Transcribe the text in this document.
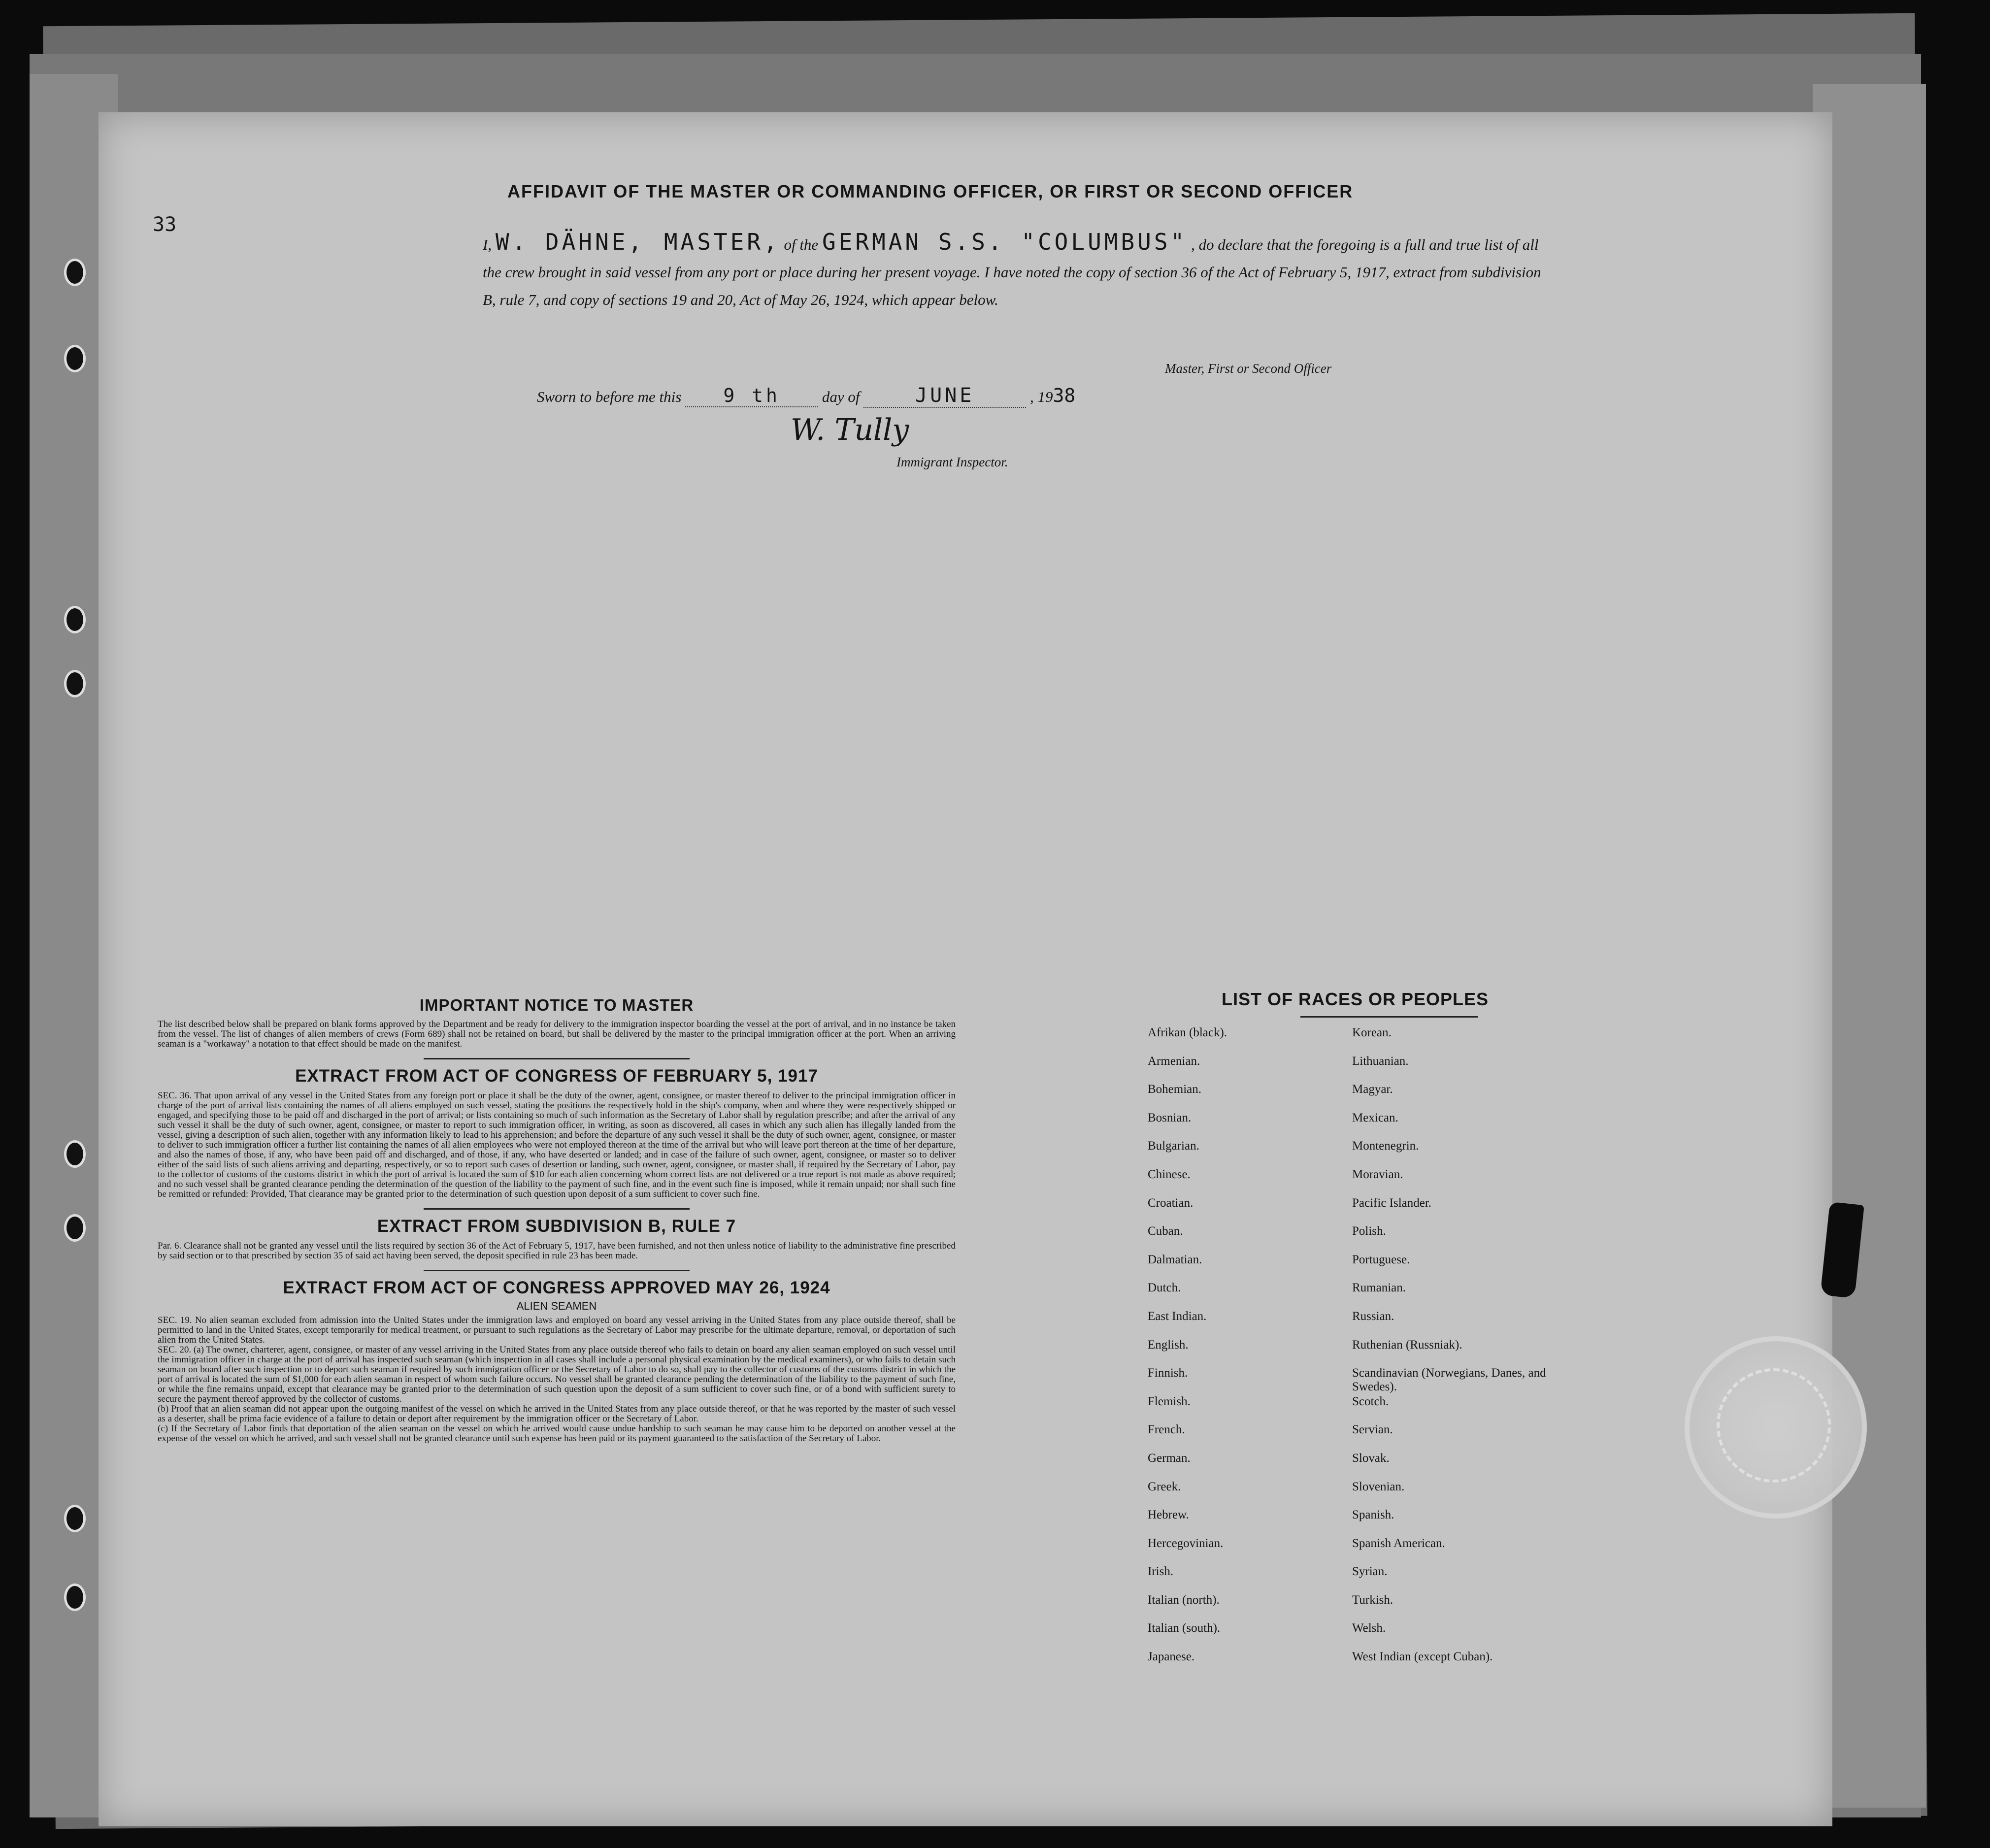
33
AFFIDAVIT OF THE MASTER OR COMMANDING OFFICER, OR FIRST OR SECOND OFFICER
I, W. DÄHNE, MASTER, of the GERMAN S.S. "COLUMBUS" , do declare that the foregoing is a full and true list of all the crew brought in said vessel from any port or place during her present voyage. I have noted the copy of section 36 of the Act of February 5, 1917, extract from subdivision B, rule 7, and copy of sections 19 and 20, Act of May 26, 1924, which appear below.
Master, First or Second Officer
Sworn to before me this 9 th	day of	JUNE	, 1938
W. Tully
Immigrant Inspector.
IMPORTANT NOTICE TO MASTER
The list described below shall be prepared on blank forms approved by the Department and be ready for delivery to the immigration inspector boarding the vessel at the port of arrival, and in no instance be taken from the vessel. The list of changes of alien members of crews (Form 689) shall not be retained on board, but shall be delivered by the master to the principal immigration officer at the port. When an arriving seaman is a "workaway" a notation to that effect should be made on the manifest.
EXTRACT FROM ACT OF CONGRESS OF FEBRUARY 5, 1917
SEC. 36. That upon arrival of any vessel in the United States from any foreign port or place it shall be the duty of the owner, agent, consignee, or master thereof to deliver to the principal immigration officer in charge of the port of arrival lists containing the names of all aliens employed on such vessel, stating the positions the respectively hold in the ship's company, when and where they were respectively shipped or engaged, and specifying those to be paid off and discharged in the port of arrival; or lists containing so much of such information as the Secretary of Labor shall by regulation prescribe; and after the arrival of any such vessel it shall be the duty of such owner, agent, consignee, or master to report to such immigration officer, in writing, as soon as discovered, all cases in which any such alien has illegally landed from the vessel, giving a description of such alien, together with any information likely to lead to his apprehension; and before the departure of any such vessel it shall be the duty of such owner, agent, consignee, or master to deliver to such immigration officer a further list containing the names of all alien employees who were not employed thereon at the time of the arrival but who will leave port thereon at the time of her departure, and also the names of those, if any, who have been paid off and discharged, and of those, if any, who have deserted or landed; and in case of the failure of such owner, agent, consignee, or master so to deliver either of the said lists of such aliens arriving and departing, respectively, or so to report such cases of desertion or landing, such owner, agent, consignee, or master shall, if required by the Secretary of Labor, pay to the collector of customs of the customs district in which the port of arrival is located the sum of $10 for each alien concerning whom correct lists are not delivered or a true report is not made as above required; and no such vessel shall be granted clearance pending the determination of the question of the liability to the payment of such fine, and in the event such fine is imposed, while it remain unpaid; nor shall such fine be remitted or refunded: Provided, That clearance may be granted prior to the determination of such question upon deposit of a sum sufficient to cover such fine.
EXTRACT FROM SUBDIVISION B, RULE 7
Par. 6. Clearance shall not be granted any vessel until the lists required by section 36 of the Act of February 5, 1917, have been furnished, and not then unless notice of liability to the administrative fine prescribed by said section or to that prescribed by section 35 of said act having been served, the deposit specified in rule 23 has been made.
EXTRACT FROM ACT OF CONGRESS APPROVED MAY 26, 1924
ALIEN SEAMEN
SEC. 19. No alien seaman excluded from admission into the United States under the immigration laws and employed on board any vessel arriving in the United States from any place outside thereof, shall be permitted to land in the United States, except temporarily for medical treatment, or pursuant to such regulations as the Secretary of Labor may prescribe for the ultimate departure, removal, or deportation of such alien from the United States.
SEC. 20. (a) The owner, charterer, agent, consignee, or master of any vessel arriving in the United States from any place outside thereof who fails to detain on board any alien seaman employed on such vessel until the immigration officer in charge at the port of arrival has inspected such seaman (which inspection in all cases shall include a personal physical examination by the medical examiners), or who fails to detain such seaman on board after such inspection or to deport such seaman if required by such immigration officer or the Secretary of Labor to do so, shall pay to the collector of customs of the customs district in which the port of arrival is located the sum of $1,000 for each alien seaman in respect of whom such failure occurs. No vessel shall be granted clearance pending the determination of the liability to the payment of such fine, or while the fine remains unpaid, except that clearance may be granted prior to the determination of such question upon the deposit of a sum sufficient to cover such fine, or of a bond with sufficient surety to secure the payment thereof approved by the collector of customs.
(b) Proof that an alien seaman did not appear upon the outgoing manifest of the vessel on which he arrived in the United States from any place outside thereof, or that he was reported by the master of such vessel as a deserter, shall be prima facie evidence of a failure to detain or deport after requirement by the immigration officer or the Secretary of Labor.
(c) If the Secretary of Labor finds that deportation of the alien seaman on the vessel on which he arrived would cause undue hardship to such seaman he may cause him to be deported on another vessel at the expense of the vessel on which he arrived, and such vessel shall not be granted clearance until such expense has been paid or its payment guaranteed to the satisfaction of the Secretary of Labor.
LIST OF RACES OR PEOPLES
Afrikan (black).	Korean.
Armenian.	Lithuanian.
Bohemian.	Magyar.
Bosnian.	Mexican.
Bulgarian.	Montenegrin.
Chinese.	Moravian.
Croatian.	Pacific Islander.
Cuban.	Polish.
Dalmatian.	Portuguese.
Dutch.	Rumanian.
East Indian.	Russian.
English.	Ruthenian (Russniak).
Finnish.	Scandinavian (Norwegians, Danes, and Swedes).
Flemish.	Scotch.
French.	Servian.
German.	Slovak.
Greek.	Slovenian.
Hebrew.	Spanish.
Hercegovinian.	Spanish American.
Irish.	Syrian.
Italian (north).	Turkish.
Italian (south).	Welsh.
Japanese.	West Indian (except Cuban).
